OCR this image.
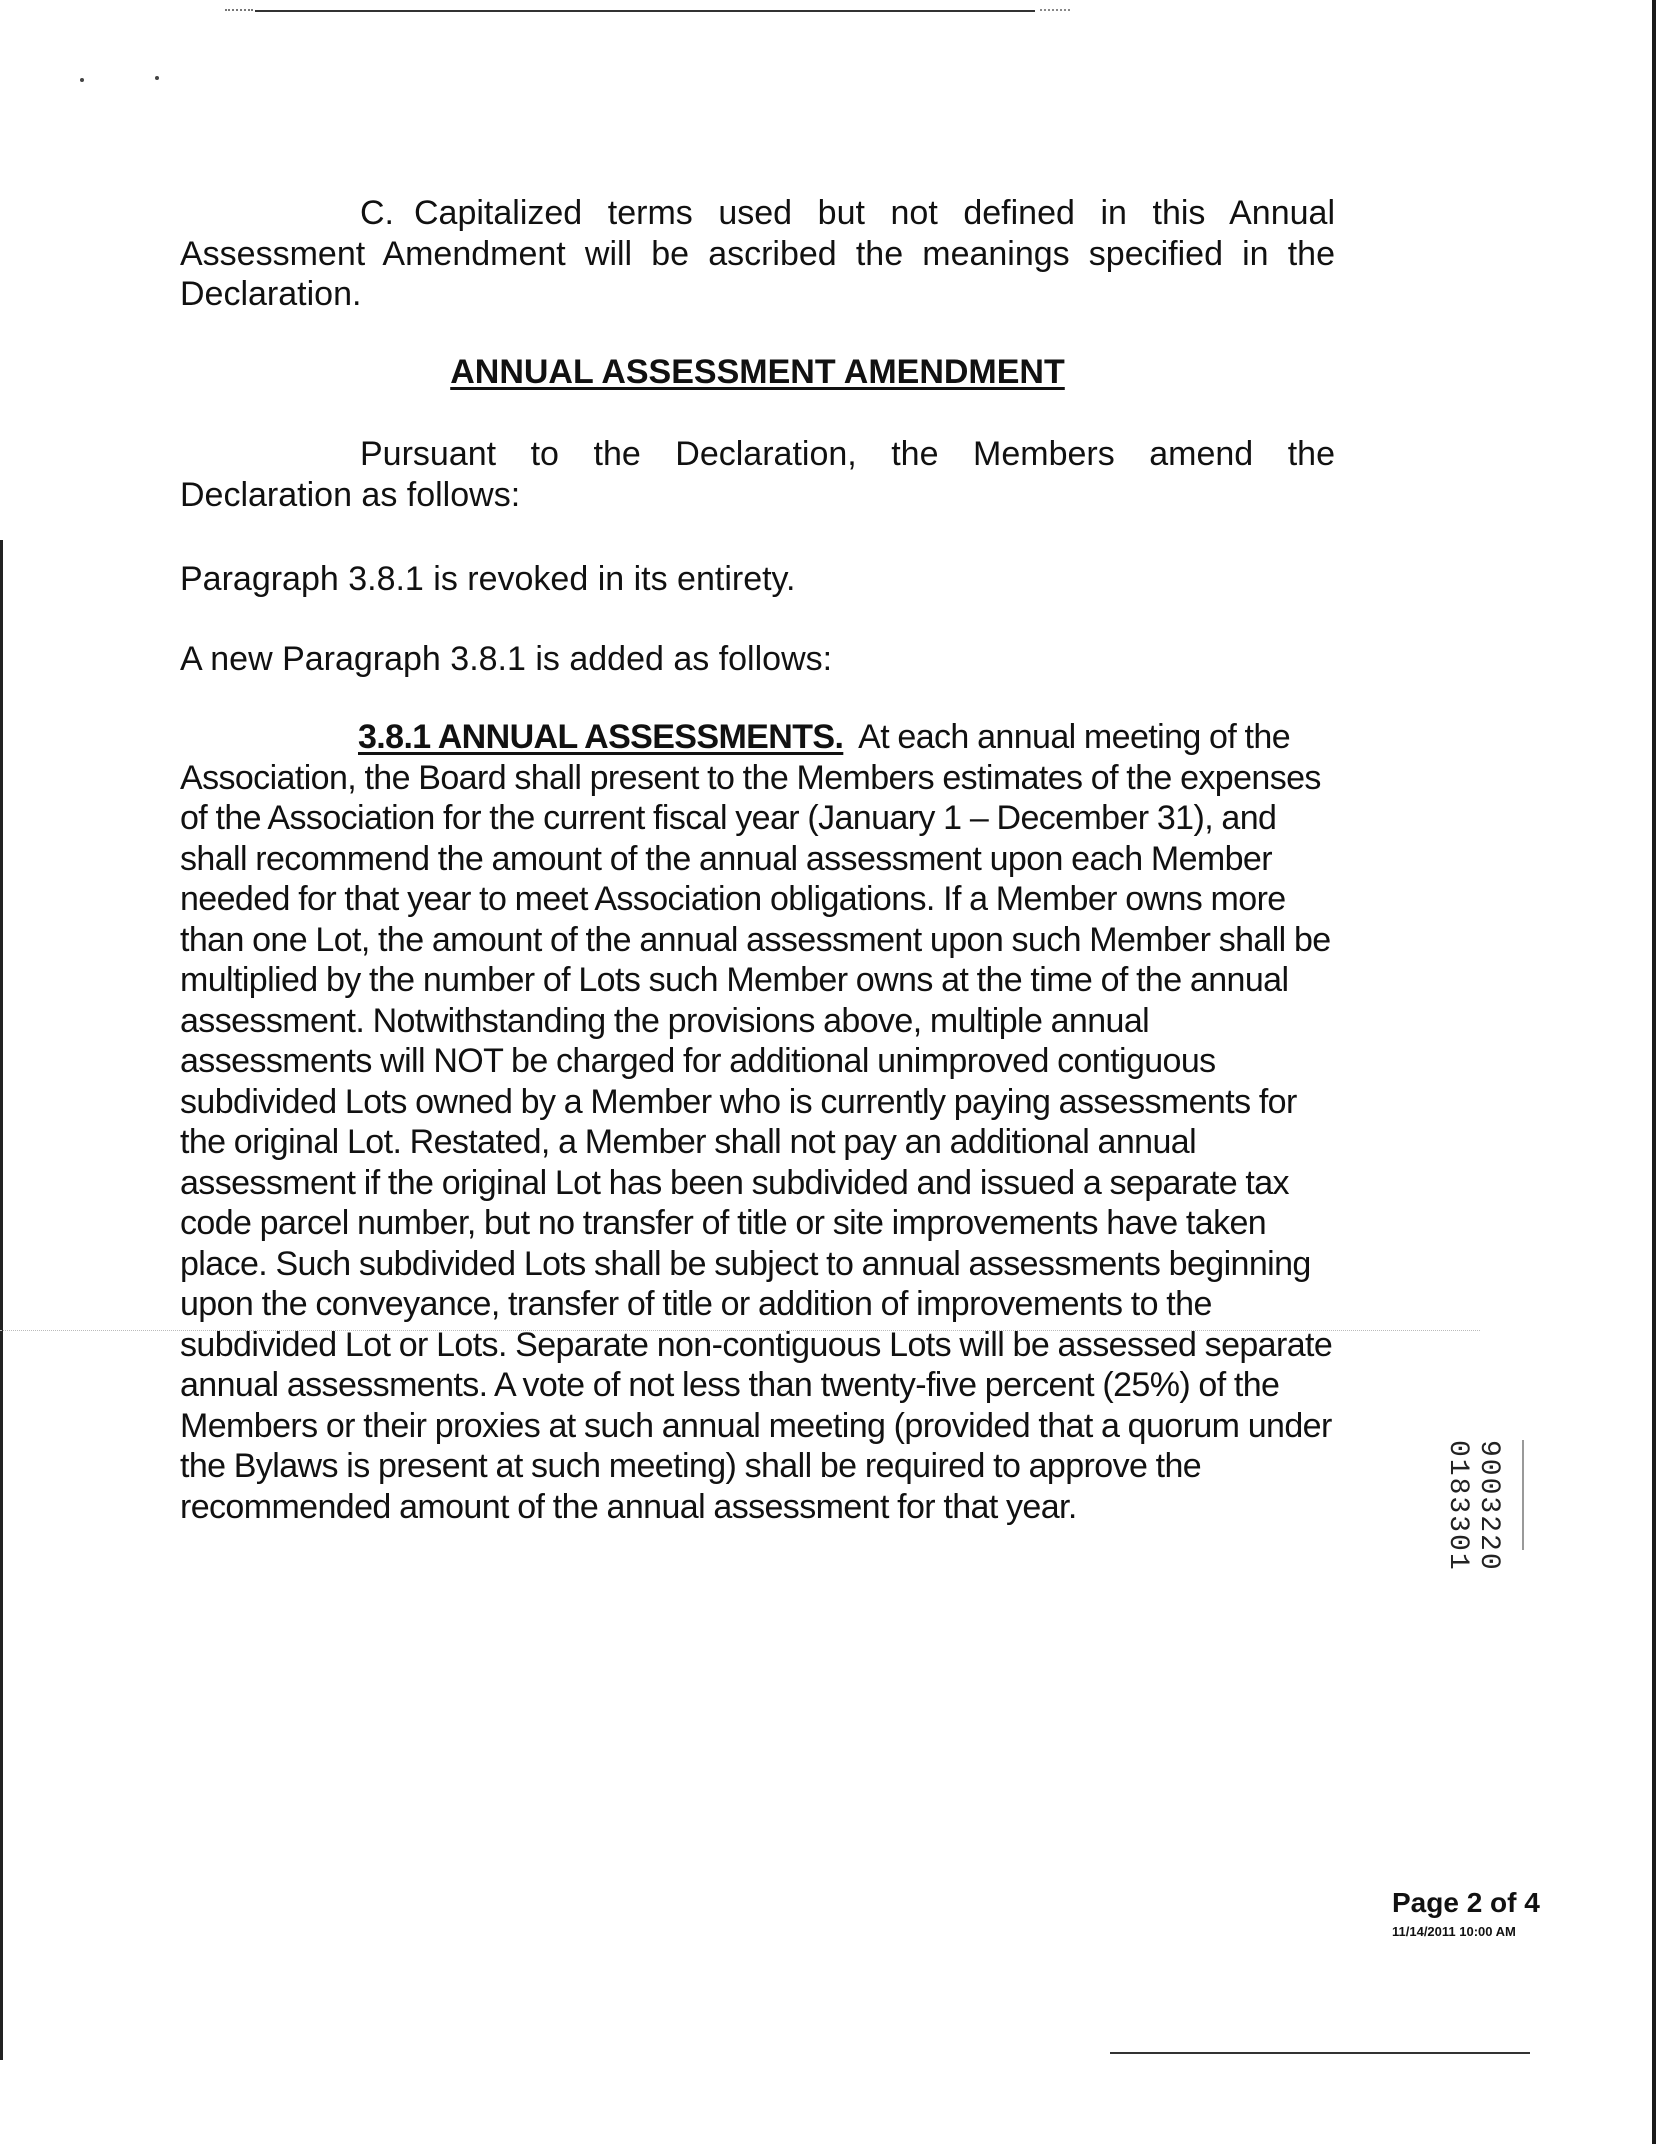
C. Capitalized terms used but not defined in this Annual Assessment Amendment will be ascribed the meanings specified in the Declaration.

ANNUAL ASSESSMENT AMENDMENT

Pursuant to the Declaration, the Members amend the Declaration as follows:

Paragraph 3.8.1 is revoked in its entirety.

A new Paragraph 3.8.1 is added as follows:

3.8.1 ANNUAL ASSESSMENTS. At each annual meeting of the Association, the Board shall present to the Members estimates of the expenses of the Association for the current fiscal year (January 1 – December 31), and shall recommend the amount of the annual assessment upon each Member needed for that year to meet Association obligations. If a Member owns more than one Lot, the amount of the annual assessment upon such Member shall be multiplied by the number of Lots such Member owns at the time of the annual assessment. Notwithstanding the provisions above, multiple annual assessments will NOT be charged for additional unimproved contiguous subdivided Lots owned by a Member who is currently paying assessments for the original Lot. Restated, a Member shall not pay an additional annual assessment if the original Lot has been subdivided and issued a separate tax code parcel number, but no transfer of title or site improvements have taken place. Such subdivided Lots shall be subject to annual assessments beginning upon the conveyance, transfer of title or addition of improvements to the subdivided Lot or Lots. Separate non-contiguous Lots will be assessed separate annual assessments. A vote of not less than twenty-five percent (25%) of the Members or their proxies at such annual meeting (provided that a quorum under the Bylaws is present at such meeting) shall be required to approve the recommended amount of the annual assessment for that year.	9003220 0183301

Page 2 of 4

11/14/2011 10:00 AM
